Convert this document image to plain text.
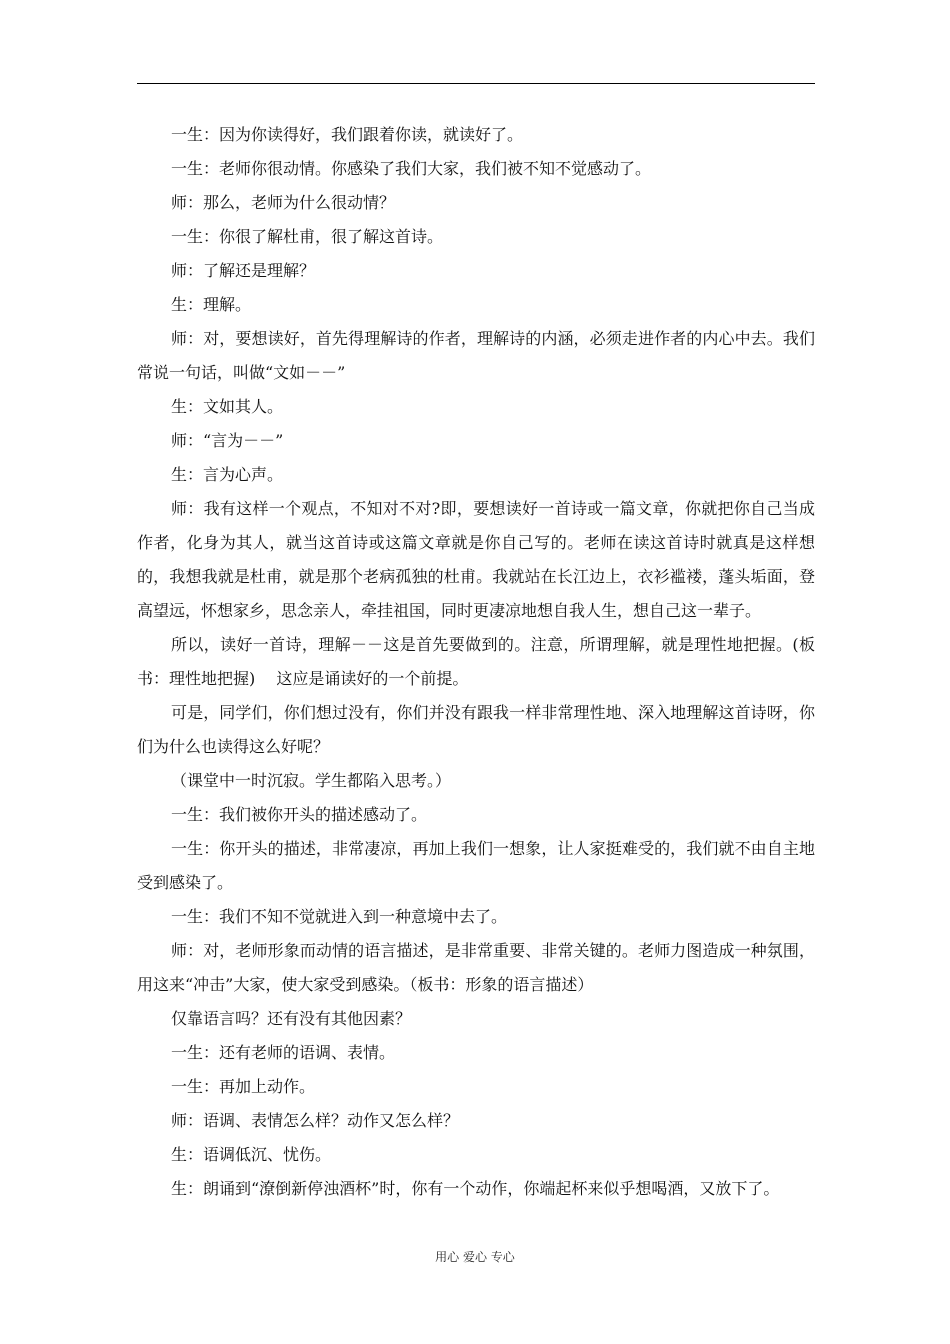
一生：因为你读得好，我们跟着你读，就读好了。

一生：老师你很动情。你感染了我们大家，我们被不知不觉感动了。

师：那么，老师为什么很动情？

一生：你很了解杜甫，很了解这首诗。

师：了解还是理解？

生：理解。

师：对，要想读好，首先得理解诗的作者，理解诗的内涵，必须走进作者的内心中去。我们常说一句话，叫做“文如－－”

生：文如其人。

师：“言为－－”

生：言为心声。

师：我有这样一个观点，不知对不对?即，要想读好一首诗或一篇文章，你就把你自己当成作者，化身为其人，就当这首诗或这篇文章就是你自己写的。老师在读这首诗时就真是这样想的，我想我就是杜甫，就是那个老病孤独的杜甫。我就站在长江边上，衣衫褴褛，蓬头垢面，登高望远，怀想家乡，思念亲人，牵挂祖国，同时更凄凉地想自我人生，想自己这一辈子。

所以，读好一首诗，理解－－这是首先要做到的。注意，所谓理解，就是理性地把握。(板书：理性地把握)　 这应是诵读好的一个前提。

可是，同学们，你们想过没有，你们并没有跟我一样非常理性地、深入地理解这首诗呀，你们为什么也读得这么好呢？

（课堂中一时沉寂。学生都陷入思考。）

一生：我们被你开头的描述感动了。

一生：你开头的描述，非常凄凉，再加上我们一想象，让人家挺难受的，我们就不由自主地受到感染了。

一生：我们不知不觉就进入到一种意境中去了。

师：对，老师形象而动情的语言描述，是非常重要、非常关键的。老师力图造成一种氛围，用这来“冲击”大家，使大家受到感染。（板书：形象的语言描述）

仅靠语言吗？还有没有其他因素？

一生：还有老师的语调、表情。

一生：再加上动作。

师：语调、表情怎么样？动作又怎么样？

生：语调低沉、忧伤。

生：朗诵到“潦倒新停浊酒杯”时，你有一个动作，你端起杯来似乎想喝酒，又放下了。

用心 爱心 专心
